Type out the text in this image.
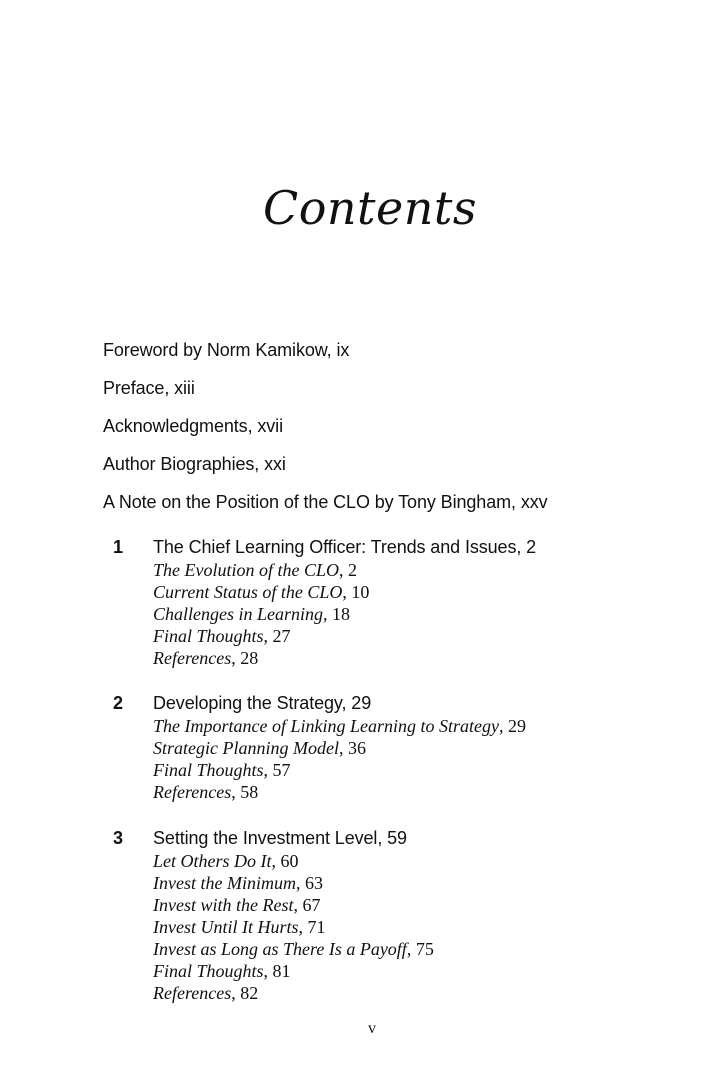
Contents
Foreword by Norm Kamikow, ix
Preface, xiii
Acknowledgments, xvii
Author Biographies, xxi
A Note on the Position of the CLO by Tony Bingham, xxv
1 The Chief Learning Officer: Trends and Issues, 2
The Evolution of the CLO, 2
Current Status of the CLO, 10
Challenges in Learning, 18
Final Thoughts, 27
References, 28
2 Developing the Strategy, 29
The Importance of Linking Learning to Strategy, 29
Strategic Planning Model, 36
Final Thoughts, 57
References, 58
3 Setting the Investment Level, 59
Let Others Do It, 60
Invest the Minimum, 63
Invest with the Rest, 67
Invest Until It Hurts, 71
Invest as Long as There Is a Payoff, 75
Final Thoughts, 81
References, 82
v
